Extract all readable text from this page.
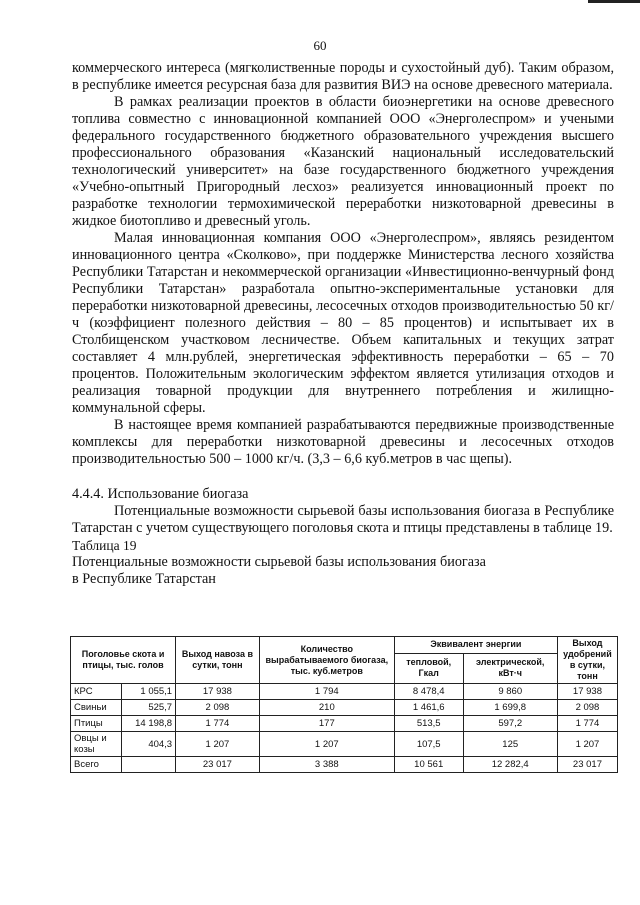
60

коммерческого интереса (мягколиственные породы и сухостойный дуб). Таким образом, в республике имеется ресурсная база для развития ВИЭ на основе древесного материала.

В рамках реализации проектов в области биоэнергетики на основе древесного топлива совместно с инновационной компанией ООО «Энерголеспром» и учеными федерального государственного бюджетного образовательного учреждения высшего профессионального образования «Казанский национальный исследовательский технологический университет» на базе государственного бюджетного учреждения «Учебно-опытный Пригородный лесхоз» реализуется инновационный проект по разработке технологии термохимической переработки низкотоварной древесины в жидкое биотопливо и древесный уголь.

Малая инновационная компания ООО «Энерголеспром», являясь резидентом инновационного центра «Сколково», при поддержке Министерства лесного хозяйства Республики Татарстан и некоммерческой организации «Инвестиционно-венчурный фонд Республики Татарстан» разработала опытно-экспериментальные установки для переработки низкотоварной древесины, лесосечных отходов производительностью 50 кг/ч (коэффициент полезного действия – 80 – 85 процентов) и испытывает их в Столбищенском участковом лесничестве. Объем капитальных и текущих затрат составляет 4 млн.рублей, энергетическая эффективность переработки – 65 – 70 процентов. Положительным экологическим эффектом является утилизация отходов и реализация товарной продукции для внутреннего потребления и жилищно-коммунальной сферы.

В настоящее время компанией разрабатываются передвижные производственные комплексы для переработки низкотоварной древесины и лесосечных отходов производительностью 500 – 1000 кг/ч. (3,3 – 6,6 куб.метров в час щепы).

4.4.4. Использование биогаза

Потенциальные возможности сырьевой базы использования биогаза в Республике Татарстан с учетом существующего поголовья скота и птицы представлены в таблице 19.

Таблица 19

Потенциальные возможности сырьевой базы использования биогаза
в Республике Татарстан

Поголовье скота и птицы, тыс. голов		Выход навоза в сутки, тонн	Количество вырабатываемого биогаза, тыс. куб.метров	Эквивалент энергии		Выход удобрений в сутки, тонн
				тепловой, Гкал	электрической, кВт·ч	
КРС	1 055,1	17 938	1 794	8 478,4	9 860	17 938
Свиньи	525,7	2 098	210	1 461,6	1 699,8	2 098
Птицы	14 198,8	1 774	177	513,5	597,2	1 774
Овцы и козы	404,3	1 207	1 207	107,5	125	1 207
Всего		23 017	3 388	10 561	12 282,4	23 017
